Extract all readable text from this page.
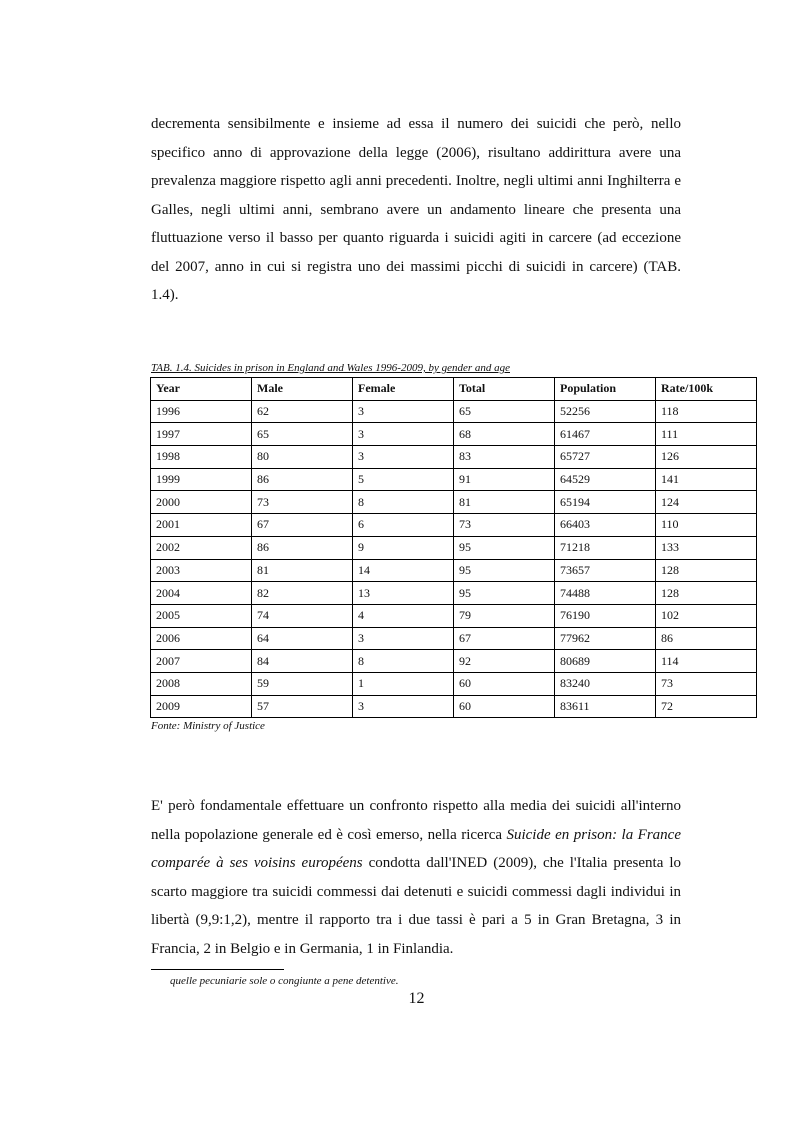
decrementa sensibilmente e insieme ad essa il numero dei suicidi che però, nello specifico anno di approvazione della legge (2006), risultano addirittura avere una prevalenza maggiore rispetto agli anni precedenti. Inoltre, negli ultimi anni Inghilterra e Galles, negli ultimi anni, sembrano avere un andamento lineare che presenta una fluttuazione verso il basso per quanto riguarda i suicidi agiti in carcere (ad eccezione del 2007, anno in cui si registra uno dei massimi picchi di suicidi in carcere) (TAB. 1.4).
TAB. 1.4. Suicides in prison in England and Wales 1996-2009, by gender and age
Year	Male	Female	Total	Population	Rate/100k
1996	62	3	65	52256	118
1997	65	3	68	61467	111
1998	80	3	83	65727	126
1999	86	5	91	64529	141
2000	73	8	81	65194	124
2001	67	6	73	66403	110
2002	86	9	95	71218	133
2003	81	14	95	73657	128
2004	82	13	95	74488	128
2005	74	4	79	76190	102
2006	64	3	67	77962	86
2007	84	8	92	80689	114
2008	59	1	60	83240	73
2009	57	3	60	83611	72
Fonte: Ministry of Justice
E' però fondamentale effettuare un confronto rispetto alla media dei suicidi all'interno nella popolazione generale ed è così emerso, nella ricerca Suicide en prison: la France comparée à ses voisins européens condotta dall'INED (2009), che l'Italia presenta lo scarto maggiore tra suicidi commessi dai detenuti e suicidi commessi dagli individui in libertà (9,9:1,2), mentre il rapporto tra i due tassi è pari a 5 in Gran Bretagna, 3 in Francia, 2 in Belgio e in Germania, 1 in Finlandia.
quelle pecuniarie sole o congiunte a pene detentive.
12
